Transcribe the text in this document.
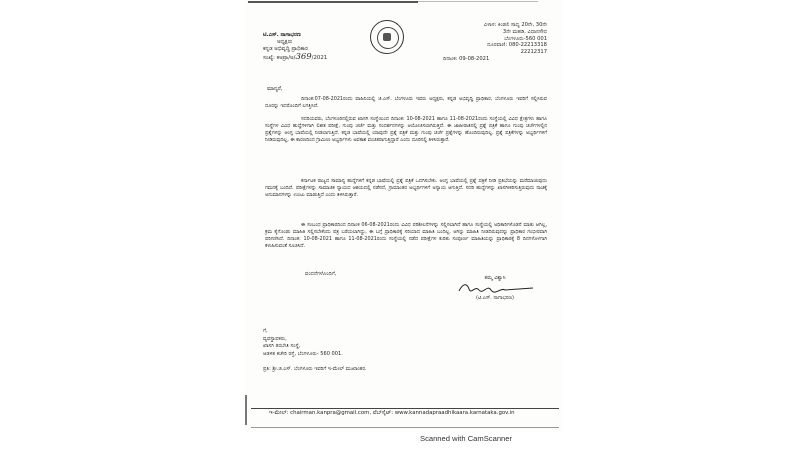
ಟಿ.ಎಸ್. ನಾಗಾಭರಣ
ಅಧ್ಯಕ್ಷರು
ಕನ್ನಡ ಅಭಿವೃದ್ಧಿ ಪ್ರಾಧಿಕಾರ
ಸಂಖ್ಯೆ: ಕಅಪ್ರಾ/ಅ/369/2021
ವಿಳಾಸ: ಕಿಂಡಲಿ ಸಾಧ್ಯ 20ನೇ, 30ನೇ
3ನೇ ಮಹಡಿ, ವಿಧಾನಸೌಧ
ಬೆಂಗಳೂರು-560 001
ದೂರವಾಣಿ: 080-22213318
22212317
ದಿನಾಂಕ: 09-08-2021
ಮಾನ್ಯರೆ,
ದಿನಾಂಕ:07-08-2021ರಂದು ವಾಹಿನಿಯಲ್ಲಿ ಜಿ.ಎಸ್. ಬೆಂಗಳೂರು ಇವರು ಅಧ್ಯಕ್ಷರು, ಕನ್ನಡ ಅಭಿವೃದ್ಧಿ ಪ್ರಾಧಿಕಾರ, ಬೆಂಗಳೂರು ಇವರಿಗೆ ಸಲ್ಲಿಸಿರುವ ದೂರನ್ನು ಇದರೊಂದಿಗೆ ಲಗತ್ತಿಸಿದೆ.
ಸದರಿಯವರು, ಬೆಂಗಳೂರಿನಲ್ಲಿರುವ ಖಾಸಗಿ ಸಂಸ್ಥೆಯಿಂದ ದಿನಾಂಕ: 10-08-2021 ಹಾಗೂ 11-08-2021ರಂದು ಸಂಸ್ಥೆಯಲ್ಲಿ ವಿವಿಧ ಕ್ಷೇತ್ರಗಳು ಹಾಗೂ ಸಂಸ್ಥೆಗಳ ವಿವಿಧ ಹುದ್ದೆಗಳಿಗಾಗಿ ಲಿಖಿತ ಪರೀಕ್ಷೆ, ಗುಂಪು ಚರ್ಚೆ ಮತ್ತು ಸಂದರ್ಶನಗಳನ್ನು ಆಯೋಜಿಸಲಾಗಿರುತ್ತದೆ. ಈ ಜಾಹೀರಾತಿನಲ್ಲಿ ಪ್ರಶ್ನೆ ಪತ್ರಿಕೆ ಹಾಗೂ ಗುಂಪು ಚರ್ಚೆಗಳಲ್ಲಿನ ಪ್ರಶ್ನೆಗಳನ್ನು ಆಂಗ್ಲ ಭಾಷೆಯಲ್ಲಿ ನೀಡಲಾಗುತ್ತಿದೆ. ಕನ್ನಡ ಭಾಷೆಯಲ್ಲಿ ಯಾವುದೇ ಪ್ರಶ್ನೆ ಪತ್ರಿಕೆ ಮತ್ತು ಗುಂಪು ಚರ್ಚೆ ಪ್ರಶ್ನೆಗಳನ್ನು ಹೊಂದಿರುವುದಿಲ್ಲ. ಪ್ರಶ್ನೆ ಪತ್ರಿಕೆಗಳನ್ನು ಅಭ್ಯರ್ಥಿಗಳಿಗೆ ನೀಡಿರುವುದಿಲ್ಲ, ಈ ಕಾರಣದಿಂದ ಗ್ರಾಮೀಣ ಅಭ್ಯರ್ಥಿಗಳು ಅವಕಾಶ ವಂಚಿತರಾಗುತ್ತಿದ್ದಾರೆ ಎಂದು ದೂರಿನಲ್ಲಿ ತಿಳಿಸಿರುತ್ತಾರೆ.
ಕರ್ನಾಟಕ ರಾಜ್ಯದ ಸಾಮಾನ್ಯ ಹುದ್ದೆಗಳಿಗೆ ಕನ್ನಡ ಭಾಷೆಯಲ್ಲಿ ಪ್ರಶ್ನೆ ಪತ್ರಿಕೆ ಒದಗಿಸಬೇಕು. ಆಂಗ್ಲ ಭಾಷೆಯಲ್ಲಿ ಪ್ರಶ್ನೆ ಪತ್ರಿಕೆ ನೀಡಿ ಪ್ರತಿಭೆಯನ್ನು ಮರೆಮಾಚುವುದು ಗಮನಕ್ಕೆ ಬಂದಿದೆ. ಪರೀಕ್ಷೆಗಳನ್ನು ಸಾಮಾಜಿಕ ನ್ಯಾಯದ ಆಶಯದಲ್ಲಿ ನಡೆಸದೆ, ಗ್ರಾಮಾಂತರ ಅಭ್ಯರ್ಥಿಗಳಿಗೆ ಅನ್ಯಾಯ ಆಗುತ್ತಿದೆ. ಸದರಿ ಹುದ್ದೆಗಳನ್ನು ಖಾಸಗೀಕರಿಸುತ್ತಿರುವುದು ನಾಚಿಕ್ಕೆ ಅನುಮಾನಗಳನ್ನು ಉಂಟು ಮಾಡುತ್ತಿದೆ ಎಂದು ತಿಳಿಸಿರುತ್ತಾರೆ.
ಈ ಸಂಬಂಧ ಪ್ರಾಧಿಕಾರದಿಂದ ದಿನಾಂಕ 06-08-2021ರಂದು ವಿವಿಧ ಪರಿಶೀಲನೆಗಳನ್ನು ಸಲ್ಲಿಸಲಾಗಿದೆ ಹಾಗೂ ಸಂಸ್ಥೆಯಲ್ಲಿ ಅಧಿಕಾರಿಗಳೊಡನೆ ಮಾತು ಆಗಿಲ್ಲ, ಕ್ರಮ ಕೈಗೊಂಡು ಮಾಹಿತಿ ಸಲ್ಲಿಸಬೇಕೆಂದು ಪತ್ರ ಬರೆಯಲಾಗಿದ್ದು, ಈ ಬಗ್ಗೆ ಪ್ರಾಧಿಕಾರಕ್ಕೆ ಸರಿಯಾದ ಮಾಹಿತಿ ಬಂದಿಲ್ಲ. ಆಗಿನ್ನು ಮಾಹಿತಿ ನೀಡದಿರುವುದನ್ನು ಪ್ರಾಧಿಕಾರ ಗಂಭೀರವಾಗಿ ಪರಿಗಣಿಸಿದೆ. ದಿನಾಂಕ: 10-08-2021 ಹಾಗೂ 11-08-2021ರಂದು ಸಂಸ್ಥೆಯಲ್ಲಿ ನಡೆದ ಪರೀಕ್ಷೆಗಳ ಕುರಿತು ಸಂಪೂರ್ಣ ಮಾಹಿತಿಯನ್ನು ಪ್ರಾಧಿಕಾರಕ್ಕೆ 8 ದಿನಗಳೊಳಗಾಗಿ ಕಳುಹಿಸುವಂತೆ ಸೂಚಿಸಿದೆ.
ವಂದನೆಗಳೊಂದಿಗೆ,
ತಮ್ಮ ವಿಶ್ವಾಸಿ
(ಟಿ.ಎಸ್. ನಾಗಾಭರಣ)
ಗೆ,
ವ್ಯವಸ್ಥಾಪಕರು,
ಖಾಸಗಿ ತರಬೇತಿ ಸಂಸ್ಥೆ,
ಆಡಳಿತ ಕಚೇರಿ ರಸ್ತೆ, ಬೆಂಗಳೂರು- 560 001.
ಪ್ರತಿ: ಶ್ರೀ.ಜಿ.ಎಸ್. ಬೆಂಗಳೂರು ಇವರಿಗೆ ಇ-ಮೇಲ್ ಮುಖಾಂತರ.
ಇ-ಮೇಲ್: chairman.kanpra@gmail.com, ವೆಬ್‌ಸೈಟ್: www.kannadapraadhikaara.karnataka.gov.in
Scanned with CamScanner
